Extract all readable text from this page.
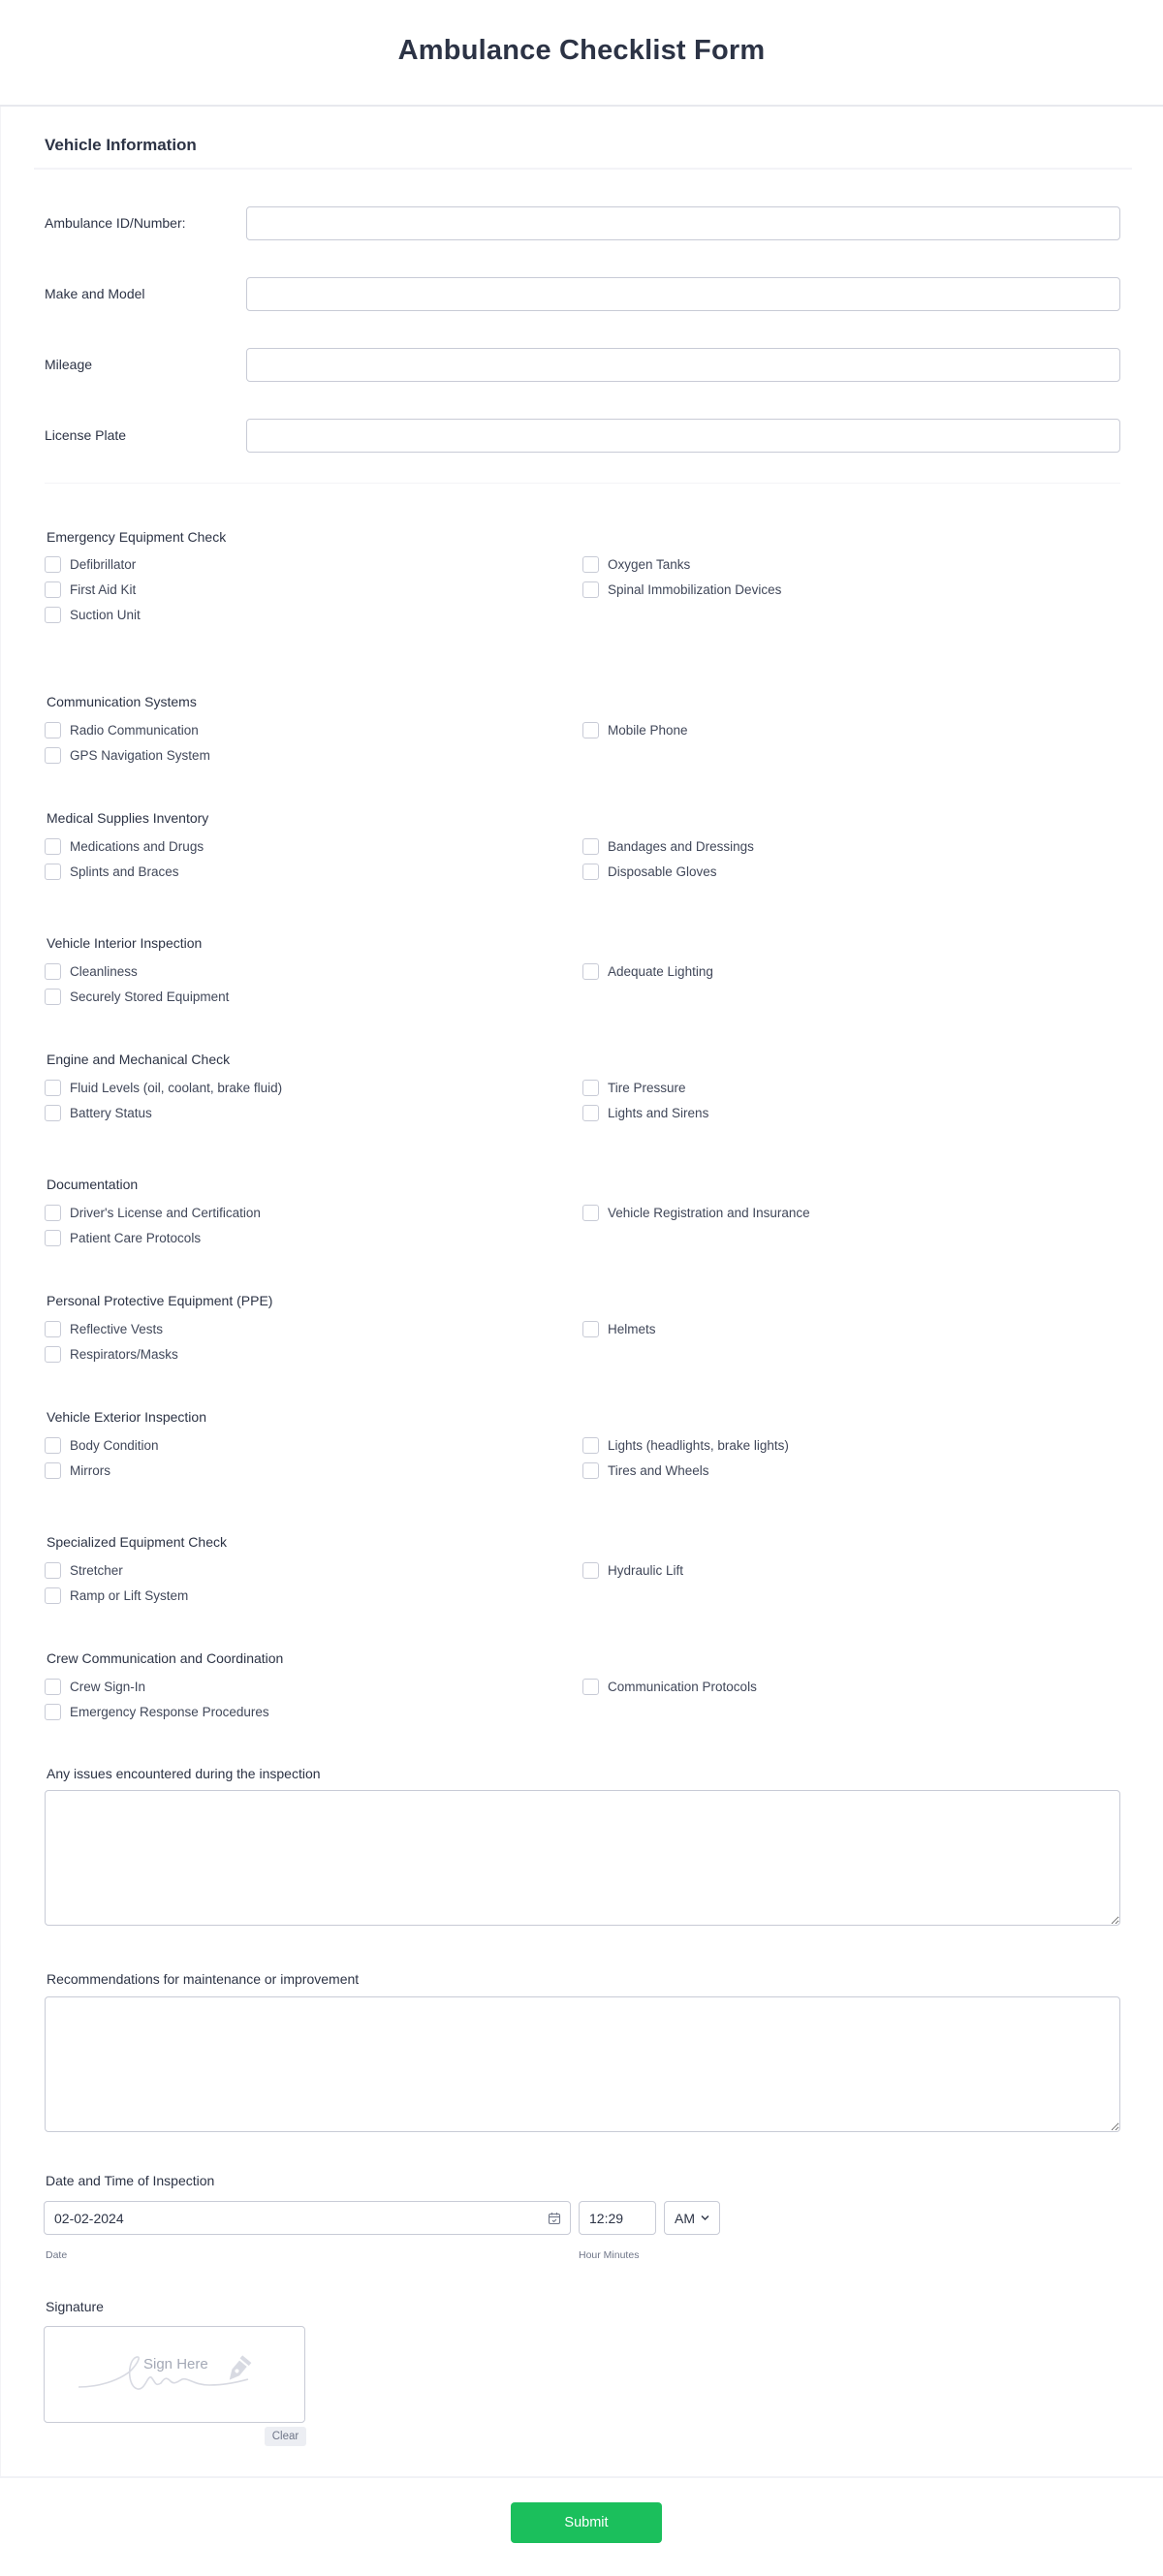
Ambulance Checklist Form
Vehicle Information
Ambulance ID/Number:
Make and Model
Mileage
License Plate
Emergency Equipment Check
Defibrillator	Oxygen Tanks
First Aid Kit	Spinal Immobilization Devices
Suction Unit
Communication Systems
Radio Communication	Mobile Phone
GPS Navigation System
Medical Supplies Inventory
Medications and Drugs	Bandages and Dressings
Splints and Braces	Disposable Gloves
Vehicle Interior Inspection
Cleanliness	Adequate Lighting
Securely Stored Equipment
Engine and Mechanical Check
Fluid Levels (oil, coolant, brake fluid)	Tire Pressure
Battery Status	Lights and Sirens
Documentation
Driver's License and Certification	Vehicle Registration and Insurance
Patient Care Protocols
Personal Protective Equipment (PPE)
Reflective Vests	Helmets
Respirators/Masks
Vehicle Exterior Inspection
Body Condition	Lights (headlights, brake lights)
Mirrors	Tires and Wheels
Specialized Equipment Check
Stretcher	Hydraulic Lift
Ramp or Lift System
Crew Communication and Coordination
Crew Sign-In	Communication Protocols
Emergency Response Procedures
Any issues encountered during the inspection
Recommendations for maintenance or improvement
Date and Time of Inspection
02-02-2024	12:29	AM
Date	Hour Minutes
Signature
Sign Here
Clear
Submit
